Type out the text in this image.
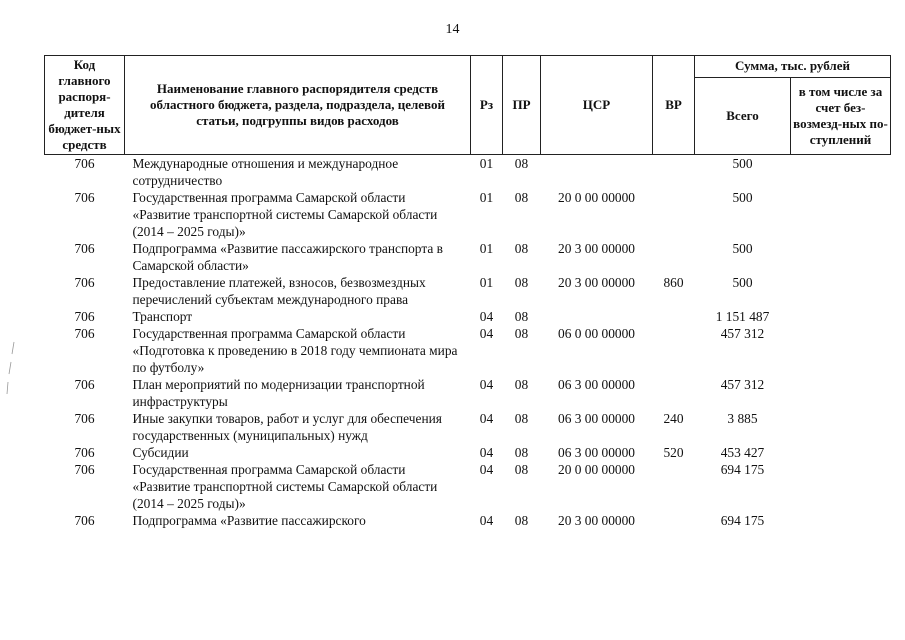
14
Код главного распоря-дителя бюджет-ных средств	Наименование главного распорядителя средств областного бюджета, раздела, подраздела, целевой статьи, подгруппы видов расходов	Рз	ПР	ЦСР	ВР	Сумма, тыс. рублей	
						Всего	в том числе за счет без-возмезд-ных по-ступлений
706	Международные отношения и международное сотрудничество	01	08			500	
706	Государственная программа Самарской области «Развитие транспортной системы Самарской области (2014 – 2025 годы)»	01	08	20 0 00 00000		500	
706	Подпрограмма «Развитие пассажирского транспорта в Самарской области»	01	08	20 3 00 00000		500	
706	Предоставление платежей, взносов, безвозмездных перечислений субъектам международного права	01	08	20 3 00 00000	860	500	
706	Транспорт	04	08			1 151 487	
706	Государственная программа Самарской области «Подготовка к проведению в 2018 году чемпионата мира по футболу»	04	08	06 0 00 00000		457 312	
706	План мероприятий по модернизации транспортной инфраструктуры	04	08	06 3 00 00000		457 312	
706	Иные закупки товаров, работ и услуг для обеспечения государственных (муниципальных) нужд	04	08	06 3 00 00000	240	3 885	
706	Субсидии	04	08	06 3 00 00000	520	453 427	
706	Государственная программа Самарской области «Развитие транспортной системы Самарской области (2014 – 2025 годы)»	04	08	20 0 00 00000		694 175	
706	Подпрограмма «Развитие пассажирского	04	08	20 3 00 00000		694 175	
